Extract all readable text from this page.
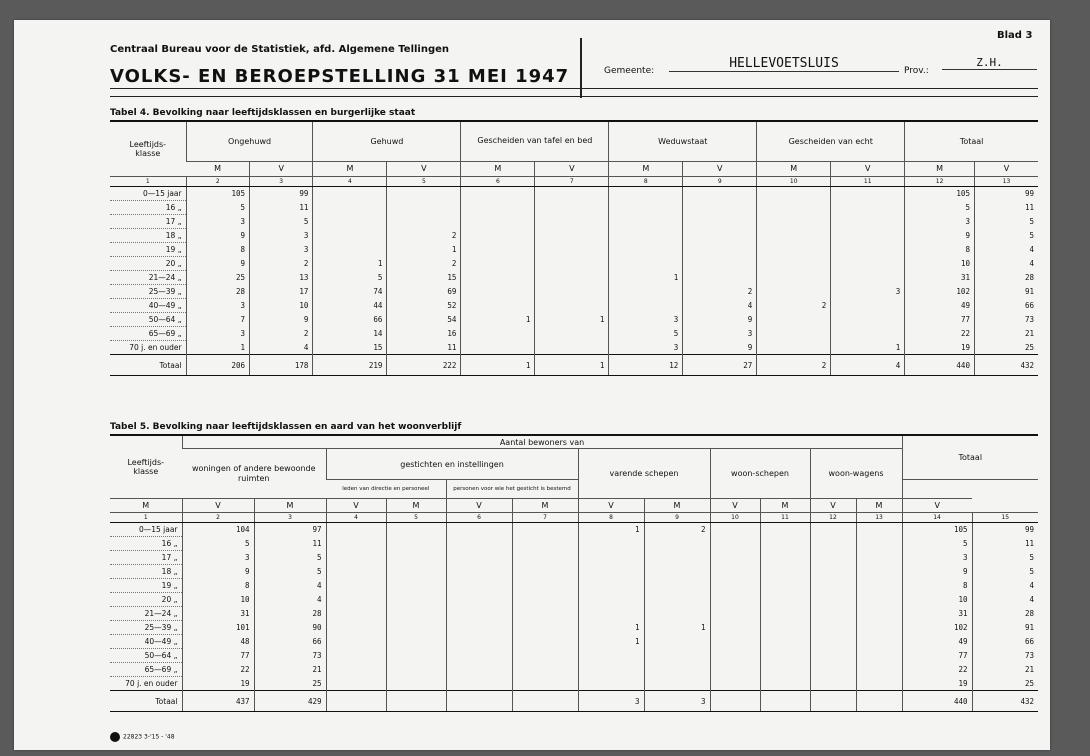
Blad 3
Centraal Bureau voor de Statistiek, afd. Algemene Tellingen
VOLKS- EN BEROEPSTELLING 31 MEI 1947	Gemeente:	HELLEVOETSLUIS	Prov.:
Z.H.
Tabel 4. Bevolking naar leeftijdsklassen en burgerlijke staat
Leeftijds-
klasse	Ongehuwd		Gehuwd		Gescheiden van tafel en bed		Weduwstaat		Gescheiden van echt		Totaal	
	M	V	M	V	M	V	M	V	M	V	M	V
1	2	3	4	5	6	7	8	9	10	11	12	13
0—15 jaar	105	99									105	99
16 „	5	11									5	11
17 „	3	5									3	5
18 „	9	3		2							9	5
19 „	8	3		1							8	4
20 „	9	2	1	2							10	4
21—24 „	25	13	5	15			1				31	28
25—39 „	28	17	74	69				2		3	102	91
40—49 „	3	10	44	52				4	2		49	66
50—64 „	7	9	66	54	1	1	3	9			77	73
65—69 „	3	2	14	16			5	3			22	21
70 j. en ouder	1	4	15	11			3	9		1	19	25
Totaal	206	178	219	222	1	1	12	27	2	4	440	432
Tabel 5. Bevolking naar leeftijdsklassen en aard van het woonverblijf
Leeftijds-
klasse	Aantal bewoners van												Totaal	
	woningen of andere bewoonde ruimten		gestichten en instellingen				varende schepen		woon-schepen		woon-wagens			
			leden van directie en personeel		personen voor wie het gesticht is bestemd									
M	V	M	V	M	V	M	V	M	V	M	V	M	V	
1	2	3	4	5	6	7	8	9	10	11	12	13	14	15
0—15 jaar	104	97					1	2					105	99
16 „	5	11											5	11
17 „	3	5											3	5
18 „	9	5											9	5
19 „	8	4											8	4
20 „	10	4											10	4
21—24 „	31	28											31	28
25—39 „	101	90					1	1					102	91
40—49 „	48	66					1						49	66
50—64 „	77	73											77	73
65—69 „	22	21											22	21
70 j. en ouder	19	25											19	25
Totaal	437	429					3	3					440	432
22823 3-'15 - '48
